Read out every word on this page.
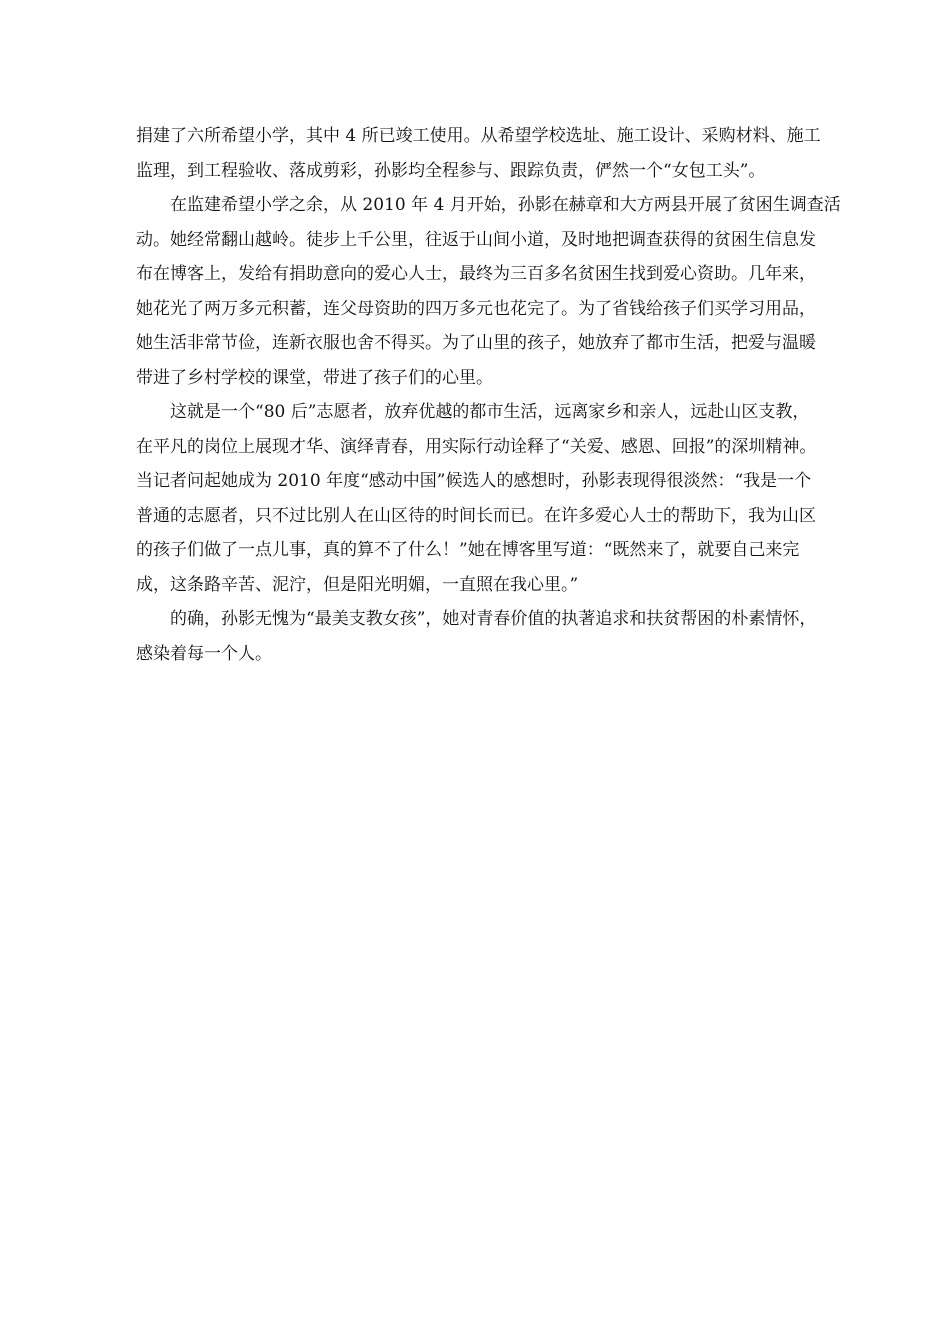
捐建了六所希望小学，其中 4 所已竣工使用。从希望学校选址、施工设计、采购材料、施工
监理，到工程验收、落成剪彩，孙影均全程参与、跟踪负责，俨然一个“女包工头”。
在监建希望小学之余，从 2010 年 4 月开始，孙影在赫章和大方两县开展了贫困生调查活
动。她经常翻山越岭。徒步上千公里，往返于山间小道，及时地把调查获得的贫困生信息发
布在博客上，发给有捐助意向的爱心人士，最终为三百多名贫困生找到爱心资助。几年来，
她花光了两万多元积蓄，连父母资助的四万多元也花完了。为了省钱给孩子们买学习用品，
她生活非常节俭，连新衣服也舍不得买。为了山里的孩子，她放弃了都市生活，把爱与温暖
带进了乡村学校的课堂，带进了孩子们的心里。
这就是一个“80 后”志愿者，放弃优越的都市生活，远离家乡和亲人，远赴山区支教，
在平凡的岗位上展现才华、演绎青春，用实际行动诠释了“关爱、感恩、回报”的深圳精神。
当记者问起她成为 2010 年度“感动中国”候选人的感想时，孙影表现得很淡然：“我是一个
普通的志愿者，只不过比别人在山区待的时间长而已。在许多爱心人士的帮助下，我为山区
的孩子们做了一点儿事，真的算不了什么！”她在博客里写道：“既然来了，就要自己来完
成，这条路辛苦、泥泞，但是阳光明媚，一直照在我心里。”
的确，孙影无愧为“最美支教女孩”，她对青春价值的执著追求和扶贫帮困的朴素情怀，
感染着每一个人。
